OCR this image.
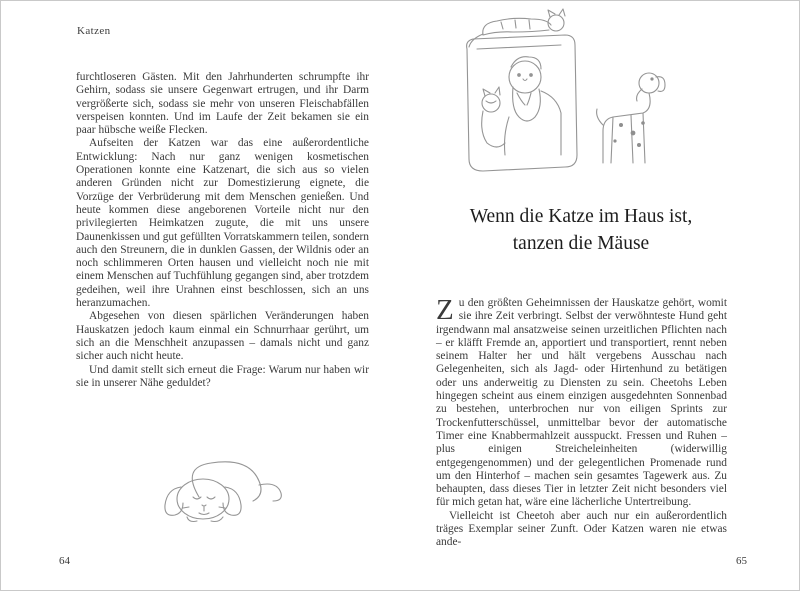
Katzen

furchtloseren Gästen. Mit den Jahrhunderten schrumpfte ihr Gehirn, sodass sie unsere Gegenwart ertrugen, und ihr Darm vergrößerte sich, sodass sie mehr von unseren Fleischabfällen verspeisen konnten. Und im Laufe der Zeit bekamen sie ein paar hübsche weiße Flecken.

Aufseiten der Katzen war das eine außerordentliche Entwicklung: Nach nur ganz wenigen kosmetischen Operationen konnte eine Katzenart, die sich aus so vielen anderen Gründen nicht zur Domestizierung eignete, die Vorzüge der Verbrüderung mit dem Menschen genießen. Und heute kommen diese angeborenen Vorteile nicht nur den privilegierten Heimkatzen zugute, die mit uns unsere Daunenkissen und gut gefüllten Vorratskammern teilen, sondern auch den Streunern, die in dunklen Gassen, der Wildnis oder an noch schlimmeren Orten hausen und vielleicht noch nie mit einem Menschen auf Tuchfühlung gegangen sind, aber trotzdem gedeihen, weil ihre Urahnen einst beschlossen, sich an uns heranzumachen.

Abgesehen von diesen spärlichen Veränderungen haben Hauskatzen jedoch kaum einmal ein Schnurrhaar gerührt, um sich an die Menschheit anzupassen – damals nicht und ganz sicher auch nicht heute.

Und damit stellt sich erneut die Frage: Warum nur haben wir sie in unserer Nähe geduldet?

64
Wenn die Katze im Haus ist,
tanzen die Mäuse

Zu den größten Geheimnissen der Hauskatze gehört, womit sie ihre Zeit verbringt. Selbst der verwöhnteste Hund geht irgendwann mal ansatzweise seinen urzeitlichen Pflichten nach – er kläfft Fremde an, apportiert und transportiert, rennt neben seinem Halter her und hält vergebens Ausschau nach Gelegenheiten, sich als Jagd- oder Hirtenhund zu betätigen oder uns anderweitig zu Diensten zu sein. Cheetohs Leben hingegen scheint aus einem einzigen ausgedehnten Sonnenbad zu bestehen, unterbrochen nur von eiligen Sprints zur Trockenfutterschüssel, unmittelbar bevor der automatische Timer eine Knabbermahlzeit ausspuckt. Fressen und Ruhen – plus einigen Streicheleinheiten (widerwillig entgegengenommen) und der gelegentlichen Promenade rund um den Hinterhof – machen sein gesamtes Tagewerk aus. Zu behaupten, dass dieses Tier in letzter Zeit nicht besonders viel für mich getan hat, wäre eine lächerliche Untertreibung.

Vielleicht ist Cheetoh aber auch nur ein außerordentlich träges Exemplar seiner Zunft. Oder Katzen waren nie etwas ande-

65
